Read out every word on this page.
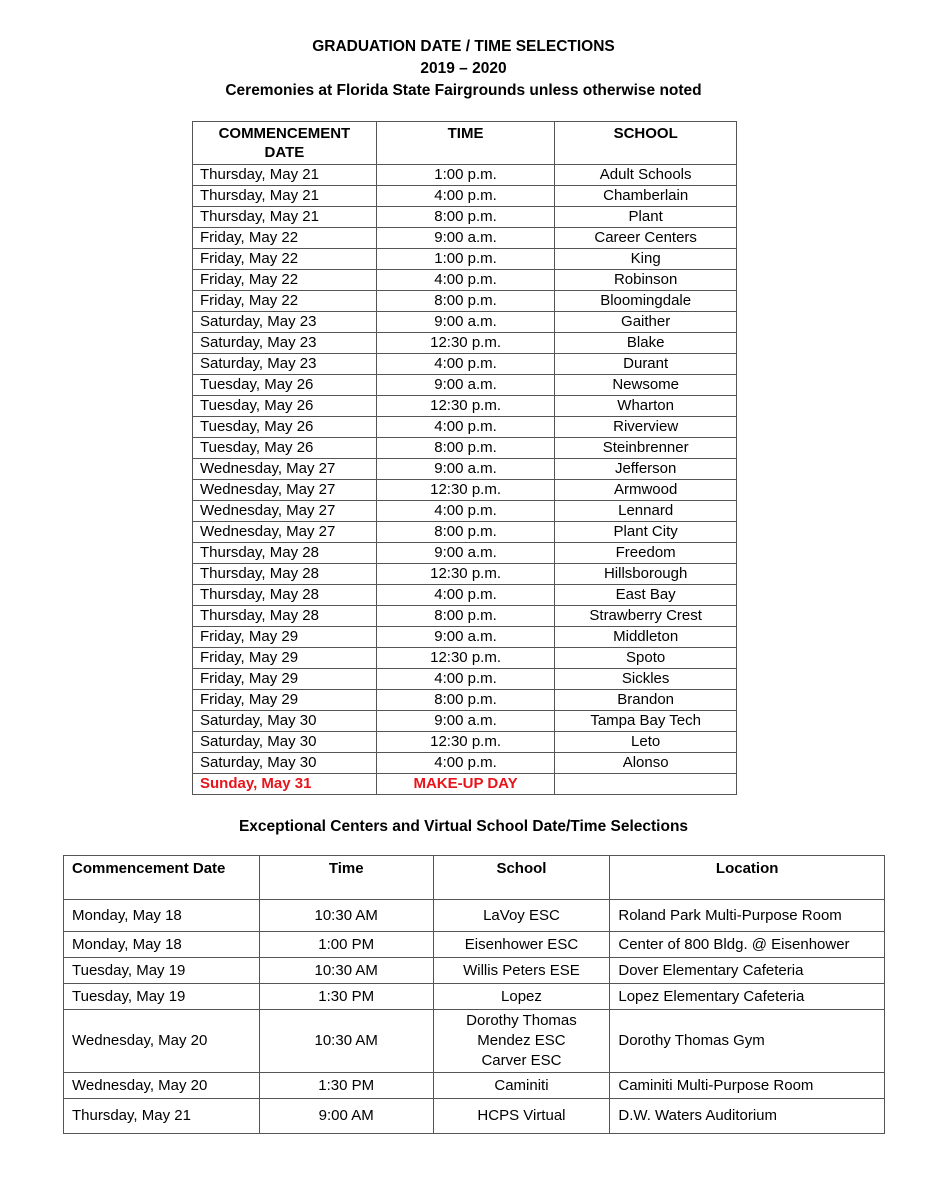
GRADUATION DATE / TIME SELECTIONS
2019 – 2020
Ceremonies at Florida State Fairgrounds unless otherwise noted
COMMENCEMENT
DATE	TIME	SCHOOL
Thursday, May 21	1:00 p.m.	Adult Schools
Thursday, May 21	4:00 p.m.	Chamberlain
Thursday, May 21	8:00 p.m.	Plant
Friday, May 22	9:00 a.m.	Career Centers
Friday, May 22	1:00 p.m.	King
Friday, May 22	4:00 p.m.	Robinson
Friday, May 22	8:00 p.m.	Bloomingdale
Saturday, May 23	9:00 a.m.	Gaither
Saturday, May 23	12:30 p.m.	Blake
Saturday, May 23	4:00 p.m.	Durant
Tuesday, May 26	9:00 a.m.	Newsome
Tuesday, May 26	12:30 p.m.	Wharton
Tuesday, May 26	4:00 p.m.	Riverview
Tuesday, May 26	8:00 p.m.	Steinbrenner
Wednesday, May 27	9:00 a.m.	Jefferson
Wednesday, May 27	12:30 p.m.	Armwood
Wednesday, May 27	4:00 p.m.	Lennard
Wednesday, May 27	8:00 p.m.	Plant City
Thursday, May 28	9:00 a.m.	Freedom
Thursday, May 28	12:30 p.m.	Hillsborough
Thursday, May 28	4:00 p.m.	East Bay
Thursday, May 28	8:00 p.m.	Strawberry Crest
Friday, May 29	9:00 a.m.	Middleton
Friday, May 29	12:30 p.m.	Spoto
Friday, May 29	4:00 p.m.	Sickles
Friday, May 29	8:00 p.m.	Brandon
Saturday, May 30	9:00 a.m.	Tampa Bay Tech
Saturday, May 30	12:30 p.m.	Leto
Saturday, May 30	4:00 p.m.	Alonso
Sunday, May 31	MAKE-UP DAY	
Exceptional Centers and Virtual School Date/Time Selections
Commencement Date	Time	School	Location
Monday, May 18	10:30 AM	LaVoy ESC	Roland Park Multi-Purpose Room
Monday, May 18	1:00 PM	Eisenhower ESC	Center of 800 Bldg. @ Eisenhower
Tuesday, May 19	10:30 AM	Willis Peters ESE	Dover Elementary Cafeteria
Tuesday, May 19	1:30 PM	Lopez	Lopez Elementary Cafeteria
Wednesday, May 20	10:30 AM	Dorothy Thomas
Mendez ESC
Carver ESC	Dorothy Thomas Gym
Wednesday, May 20	1:30 PM	Caminiti	Caminiti Multi-Purpose Room
Thursday, May 21	9:00 AM	HCPS Virtual	D.W. Waters Auditorium
